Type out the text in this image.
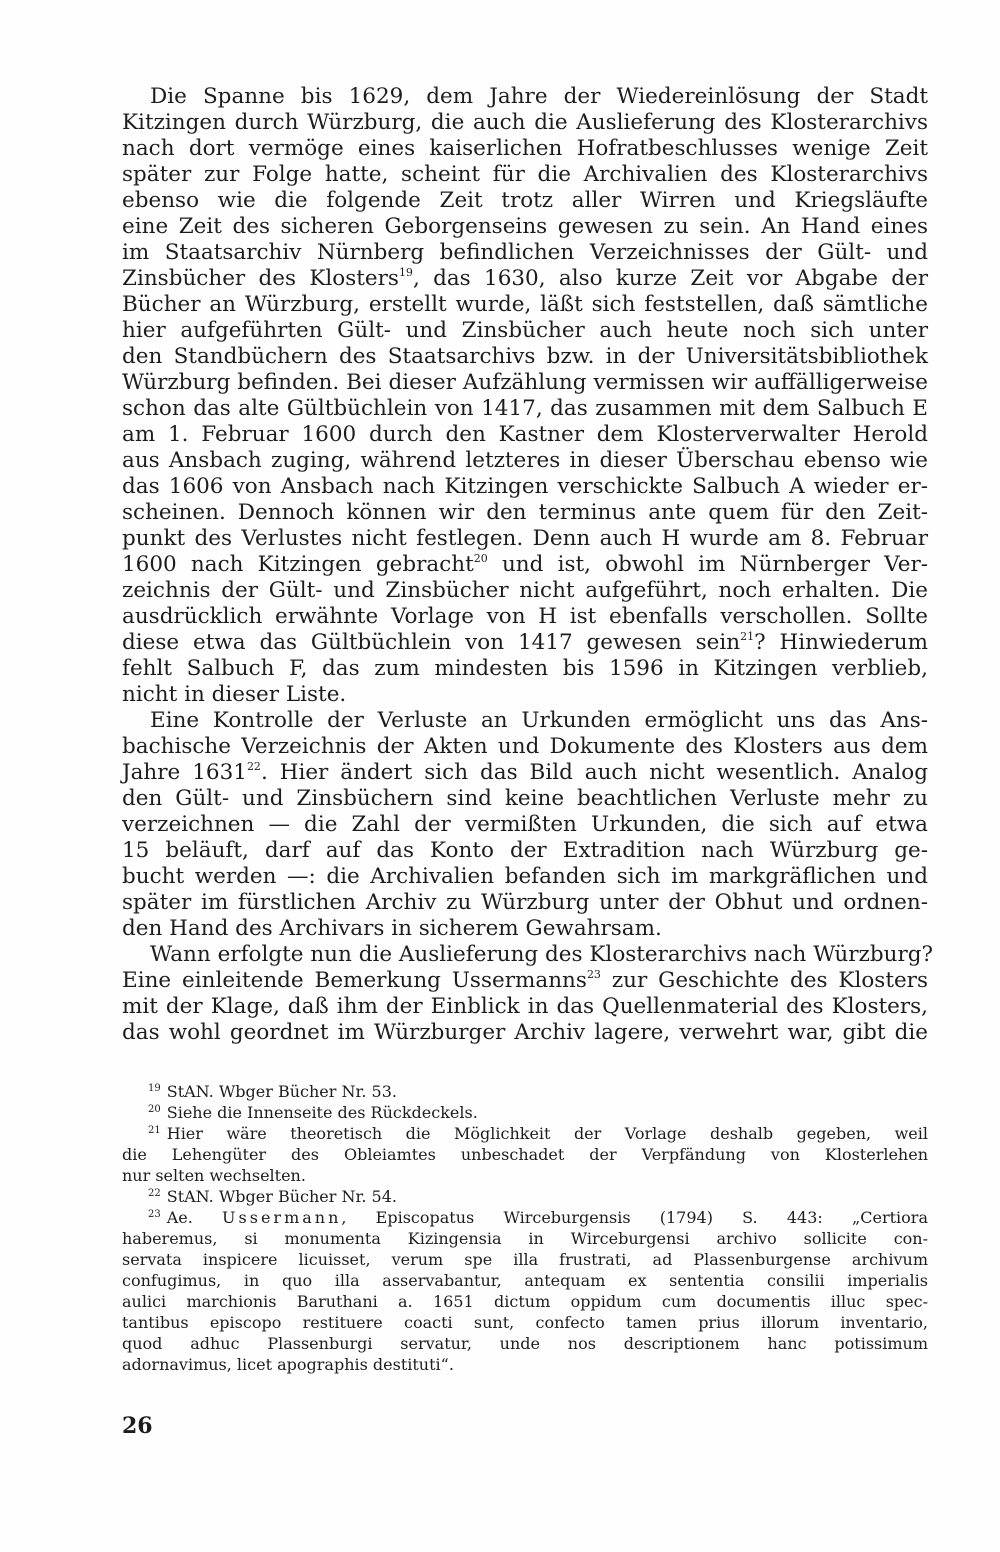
Die Spanne bis 1629, dem Jahre der Wiedereinlösung der Stadt
Kitzingen durch Würzburg, die auch die Auslieferung des Klosterarchivs
nach dort vermöge eines kaiserlichen Hofratbeschlusses wenige Zeit
später zur Folge hatte, scheint für die Archivalien des Klosterarchivs
ebenso wie die folgende Zeit trotz aller Wirren und Kriegsläufte
eine Zeit des sicheren Geborgenseins gewesen zu sein. An Hand eines
im Staatsarchiv Nürnberg befindlichen Verzeichnisses der Gült- und
Zinsbücher des Klosters$^{19}$, das 1630, also kurze Zeit vor Abgabe der
Bücher an Würzburg, erstellt wurde, läßt sich feststellen, daß sämtliche
hier aufgeführten Gült- und Zinsbücher auch heute noch sich unter
den Standbüchern des Staatsarchivs bzw. in der Universitätsbibliothek
Würzburg befinden. Bei dieser Aufzählung vermissen wir auffälligerweise
schon das alte Gültbüchlein von 1417, das zusammen mit dem Salbuch E
am 1. Februar 1600 durch den Kastner dem Klosterverwalter Herold
aus Ansbach zuging, während letzteres in dieser Überschau ebenso wie
das 1606 von Ansbach nach Kitzingen verschickte Salbuch A wieder er-
scheinen. Dennoch können wir den terminus ante quem für den Zeit-
punkt des Verlustes nicht festlegen. Denn auch H wurde am 8. Februar
1600 nach Kitzingen gebracht$^{20}$ und ist, obwohl im Nürnberger Ver-
zeichnis der Gült- und Zinsbücher nicht aufgeführt, noch erhalten. Die
ausdrücklich erwähnte Vorlage von H ist ebenfalls verschollen. Sollte
diese etwa das Gültbüchlein von 1417 gewesen sein$^{21}$? Hinwiederum
fehlt Salbuch F, das zum mindesten bis 1596 in Kitzingen verblieb,
nicht in dieser Liste.
Eine Kontrolle der Verluste an Urkunden ermöglicht uns das Ans-
bachische Verzeichnis der Akten und Dokumente des Klosters aus dem
Jahre 1631$^{22}$. Hier ändert sich das Bild auch nicht wesentlich. Analog
den Gült- und Zinsbüchern sind keine beachtlichen Verluste mehr zu
verzeichnen — die Zahl der vermißten Urkunden, die sich auf etwa
15 beläuft, darf auf das Konto der Extradition nach Würzburg ge-
bucht werden —: die Archivalien befanden sich im markgräflichen und
später im fürstlichen Archiv zu Würzburg unter der Obhut und ordnen-
den Hand des Archivars in sicherem Gewahrsam.
Wann erfolgte nun die Auslieferung des Klosterarchivs nach Würzburg?
Eine einleitende Bemerkung Ussermanns$^{23}$ zur Geschichte des Klosters
mit der Klage, daß ihm der Einblick in das Quellenmaterial des Klosters,
das wohl geordnet im Würzburger Archiv lagere, verwehrt war, gibt die
$^{19}$ StAN. Wbger Bücher Nr. 53.
$^{20}$ Siehe die Innenseite des Rückdeckels.
$^{21}$ Hier wäre theoretisch die Möglichkeit der Vorlage deshalb gegeben, weil
die Lehengüter des Obleiamtes unbeschadet der Verpfändung von Klosterlehen
nur selten wechselten.
$^{22}$ StAN. Wbger Bücher Nr. 54.
$^{23}$ Ae. Ussermann, Episcopatus Wirceburgensis (1794) S. 443: „Certiora
haberemus, si monumenta Kizingensia in Wirceburgensi archivo sollicite con-
servata inspicere licuisset, verum spe illa frustrati, ad Plassenburgense archivum
confugimus, in quo illa asservabantur, antequam ex sententia consilii imperialis
aulici marchionis Baruthani a. 1651 dictum oppidum cum documentis illuc spec-
tantibus episcopo restituere coacti sunt, confecto tamen prius illorum inventario,
quod adhuc Plassenburgi servatur, unde nos descriptionem hanc potissimum
adornavimus, licet apographis destituti“.
26
